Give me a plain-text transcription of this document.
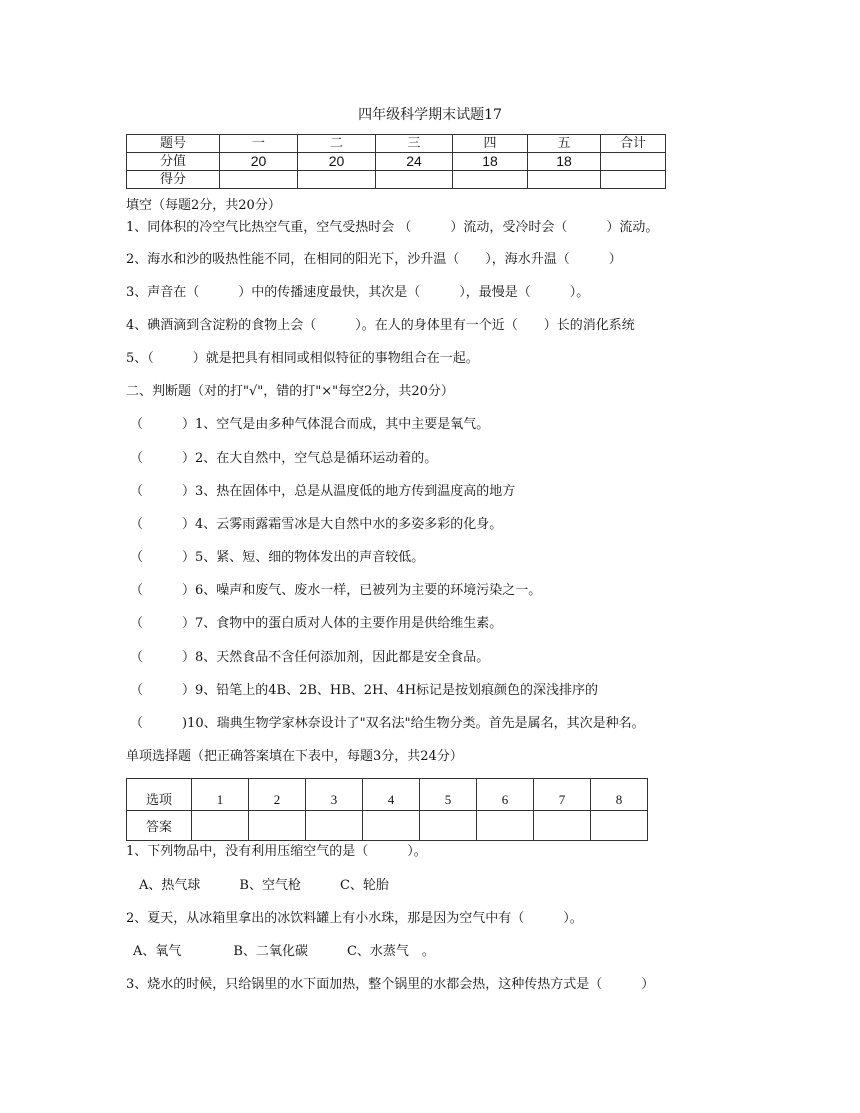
四年级科学期末试题17
题号	一	二	三	四	五	合计
分值	20	20	24	18	18	
得分						
填空（每题2分，共20分）
1、同体积的冷空气比热空气重，空气受热时会 （　　　）流动，受冷时会（　　　）流动。
2、海水和沙的吸热性能不同，在相同的阳光下，沙升温（　　），海水升温（　　　）
3、声音在（　　　）中的传播速度最快，其次是（　　　），最慢是（　　　）。
4、碘酒滴到含淀粉的食物上会（　　　）。在人的身体里有一个近（　　）长的消化系统
5、（　　　）就是把具有相同或相似特征的事物组合在一起。
二、判断题（对的打"√"，错的打"×"每空2分，共20分）
（　　　）1、空气是由多种气体混合而成，其中主要是氧气。
（　　　）2、在大自然中，空气总是循环运动着的。
（　　　）3、热在固体中，总是从温度低的地方传到温度高的地方
（　　　）4、云雾雨露霜雪冰是大自然中水的多姿多彩的化身。
（　　　）5、紧、短、细的物体发出的声音较低。
（　　　）6、噪声和废气、废水一样，已被列为主要的环境污染之一。
（　　　）7、食物中的蛋白质对人体的主要作用是供给维生素。
（　　　）8、天然食品不含任何添加剂，因此都是安全食品。
（　　　）9、铅笔上的4B、2B、HB、2H、4H标记是按划痕颜色的深浅排序的
（　　　)10、瑞典生物学家林奈设计了"双名法"给生物分类。首先是属名，其次是种名。
单项选择题（把正确答案填在下表中，每题3分，共24分）
选项	1	2	3	4	5	6	7	8
答案								
1、下列物品中，没有利用压缩空气的是（　　　）。
A、热气球　　　B、空气枪　　　C、轮胎
2、夏天，从冰箱里拿出的冰饮料罐上有小水珠，那是因为空气中有（　　　）。
A、氧气　　　　B、二氧化碳　　　C、水蒸气　。
3、烧水的时候，只给锅里的水下面加热，整个锅里的水都会热，这种传热方式是（　　　）
